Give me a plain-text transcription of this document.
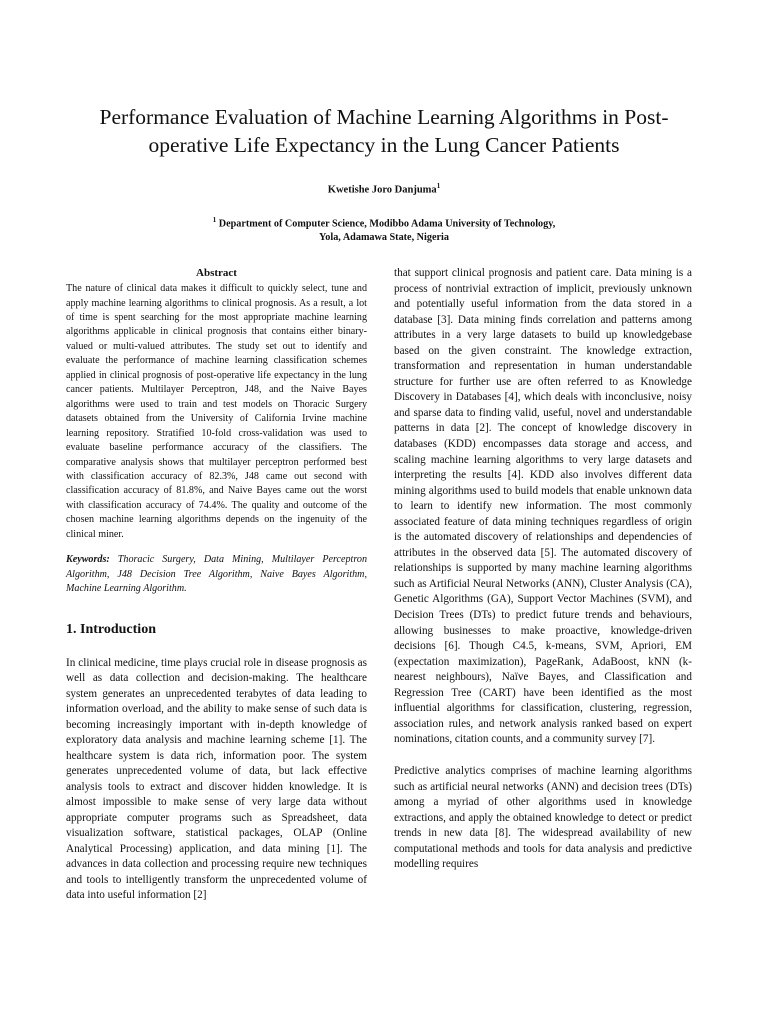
Performance Evaluation of Machine Learning Algorithms in Post-operative Life Expectancy in the Lung Cancer Patients
Kwetishe Joro Danjuma$^1$
$^1$ Department of Computer Science, Modibbo Adama University of Technology,
Yola, Adamawa State, Nigeria
Abstract

The nature of clinical data makes it difficult to quickly select, tune and apply machine learning algorithms to clinical prognosis. As a result, a lot of time is spent searching for the most appropriate machine learning algorithms applicable in clinical prognosis that contains either binary-valued or multi-valued attributes. The study set out to identify and evaluate the performance of machine learning classification schemes applied in clinical prognosis of post-operative life expectancy in the lung cancer patients. Multilayer Perceptron, J48, and the Naive Bayes algorithms were used to train and test models on Thoracic Surgery datasets obtained from the University of California Irvine machine learning repository. Stratified 10-fold cross-validation was used to evaluate baseline performance accuracy of the classifiers. The comparative analysis shows that multilayer perceptron performed best with classification accuracy of 82.3%, J48 came out second with classification accuracy of 81.8%, and Naive Bayes came out the worst with classification accuracy of 74.4%. The quality and outcome of the chosen machine learning algorithms depends on the ingenuity of the clinical miner.

Keywords: Thoracic Surgery, Data Mining, Multilayer Perceptron Algorithm, J48 Decision Tree Algorithm, Naive Bayes Algorithm, Machine Learning Algorithm.

1. Introduction

In clinical medicine, time plays crucial role in disease prognosis as well as data collection and decision-making. The healthcare system generates an unprecedented terabytes of data leading to information overload, and the ability to make sense of such data is becoming increasingly important with in-depth knowledge of exploratory data analysis and machine learning scheme [1]. The healthcare system is data rich, information poor. The system generates unprecedented volume of data, but lack effective analysis tools to extract and discover hidden knowledge. It is almost impossible to make sense of very large data without appropriate computer programs such as Spreadsheet, data visualization software, statistical packages, OLAP (Online Analytical Processing) application, and data mining [1]. The advances in data collection and processing require new techniques and tools to intelligently transform the unprecedented volume of data into useful information [2]

that support clinical prognosis and patient care. Data mining is a process of nontrivial extraction of implicit, previously unknown and potentially useful information from the data stored in a database [3]. Data mining finds correlation and patterns among attributes in a very large datasets to build up knowledgebase based on the given constraint. The knowledge extraction, transformation and representation in human understandable structure for further use are often referred to as Knowledge Discovery in Databases [4], which deals with inconclusive, noisy and sparse data to finding valid, useful, novel and understandable patterns in data [2]. The concept of knowledge discovery in databases (KDD) encompasses data storage and access, and scaling machine learning algorithms to very large datasets and interpreting the results [4]. KDD also involves different data mining algorithms used to build models that enable unknown data to learn to identify new information. The most commonly associated feature of data mining techniques regardless of origin is the automated discovery of relationships and dependencies of attributes in the observed data [5]. The automated discovery of relationships is supported by many machine learning algorithms such as Artificial Neural Networks (ANN), Cluster Analysis (CA), Genetic Algorithms (GA), Support Vector Machines (SVM), and Decision Trees (DTs) to predict future trends and behaviours, allowing businesses to make proactive, knowledge-driven decisions [6]. Though C4.5, k-means, SVM, Apriori, EM (expectation maximization), PageRank, AdaBoost, kNN (k-nearest neighbours), Naïve Bayes, and Classification and Regression Tree (CART) have been identified as the most influential algorithms for classification, clustering, regression, association rules, and network analysis ranked based on expert nominations, citation counts, and a community survey [7].

Predictive analytics comprises of machine learning algorithms such as artificial neural networks (ANN) and decision trees (DTs) among a myriad of other algorithms used in knowledge extractions, and apply the obtained knowledge to detect or predict trends in new data [8]. The widespread availability of new computational methods and tools for data analysis and predictive modelling requires
